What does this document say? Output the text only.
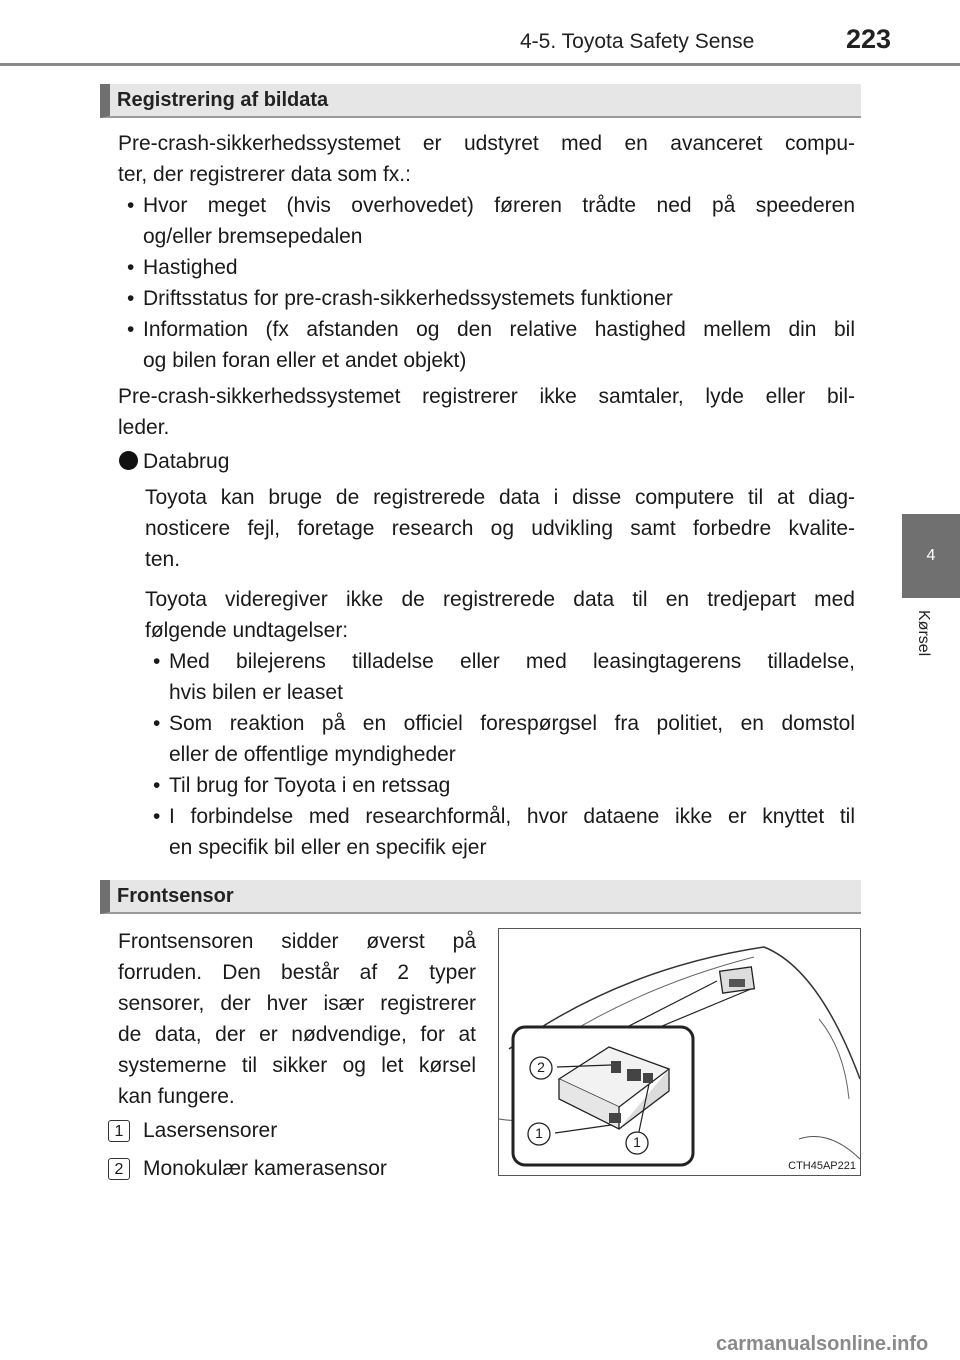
4-5. Toyota Safety Sense	223
4
Kørsel
Registrering af bildata
Pre-crash-sikkerhedssystemet er udstyret med en avanceret compu-
ter, der registrerer data som fx.:
• Hvor meget (hvis overhovedet) føreren trådte ned på speederen
og/eller bremsepedalen
• Hastighed
• Driftsstatus for pre-crash-sikkerhedssystemets funktioner
• Information (fx afstanden og den relative hastighed mellem din bil
og bilen foran eller et andet objekt)
Pre-crash-sikkerhedssystemet registrerer ikke samtaler, lyde eller bil-
leder.
Databrug
Toyota kan bruge de registrerede data i disse computere til at diag-
nosticere fejl, foretage research og udvikling samt forbedre kvalite-
ten.
Toyota videregiver ikke de registrerede data til en tredjepart med
følgende undtagelser:
• Med bilejerens tilladelse eller med leasingtagerens tilladelse,
hvis bilen er leaset
• Som reaktion på en officiel forespørgsel fra politiet, en domstol
eller de offentlige myndigheder
• Til brug for Toyota i en retssag
• I forbindelse med researchformål, hvor dataene ikke er knyttet til
en specifik bil eller en specifik ejer
Frontsensor
Frontsensoren sidder øverst på
forruden. Den består af 2 typer
sensorer, der hver især registrerer
de data, der er nødvendige, for at
systemerne til sikker og let kørsel
kan fungere.
1 Lasersensorer
2 Monokulær kamerasensor
2
1
1
CTH45AP221
carmanualsonline.info
